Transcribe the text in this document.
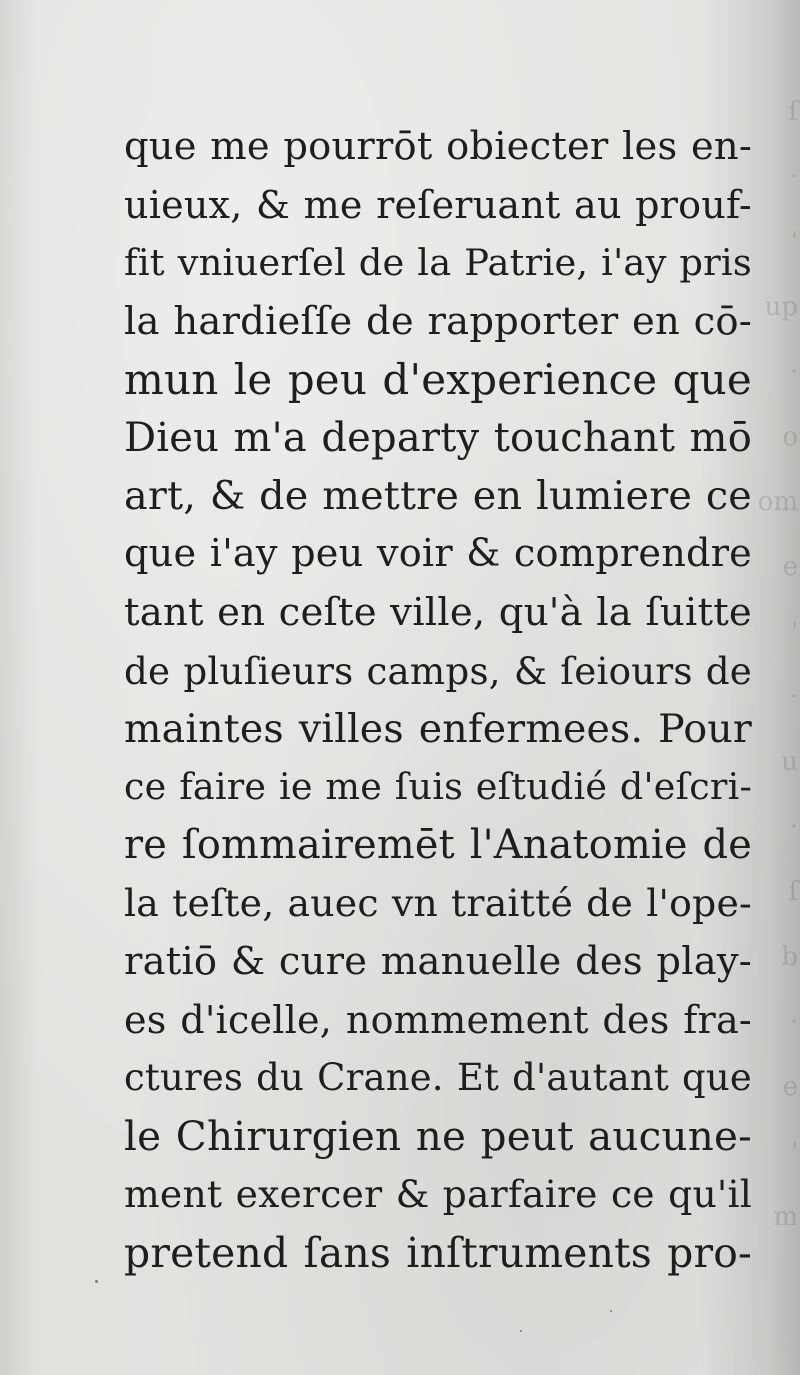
ſ
·
'
up
·
o
om
e
'
·
u
·
ſ
b
·
e
'
m
que me pourrōt obiecter les en-
uieux, & me reſeruant au prouf-
fit vniuerſel de la Patrie, i'ay pris
la hardieſſe de rapporter en cō-
mun le peu d'experience que
Dieu m'a departy touchant mō
art, & de mettre en lumiere ce
que i'ay peu voir & comprendre
tant en ceſte ville, qu'à la ſuitte
de pluſieurs camps, & ſeiours de
maintes villes enfermees. Pour
ce faire ie me ſuis eſtudié d'eſcri-
re ſommairemēt l'Anatomie de
la teſte, auec vn traitté de l'ope-
ratiō & cure manuelle des play-
es d'icelle, nommement des fra-
ctures du Crane. Et d'autant que
le Chirurgien ne peut aucune-
ment exercer & parfaire ce qu'il
pretend ſans inſtruments pro-
